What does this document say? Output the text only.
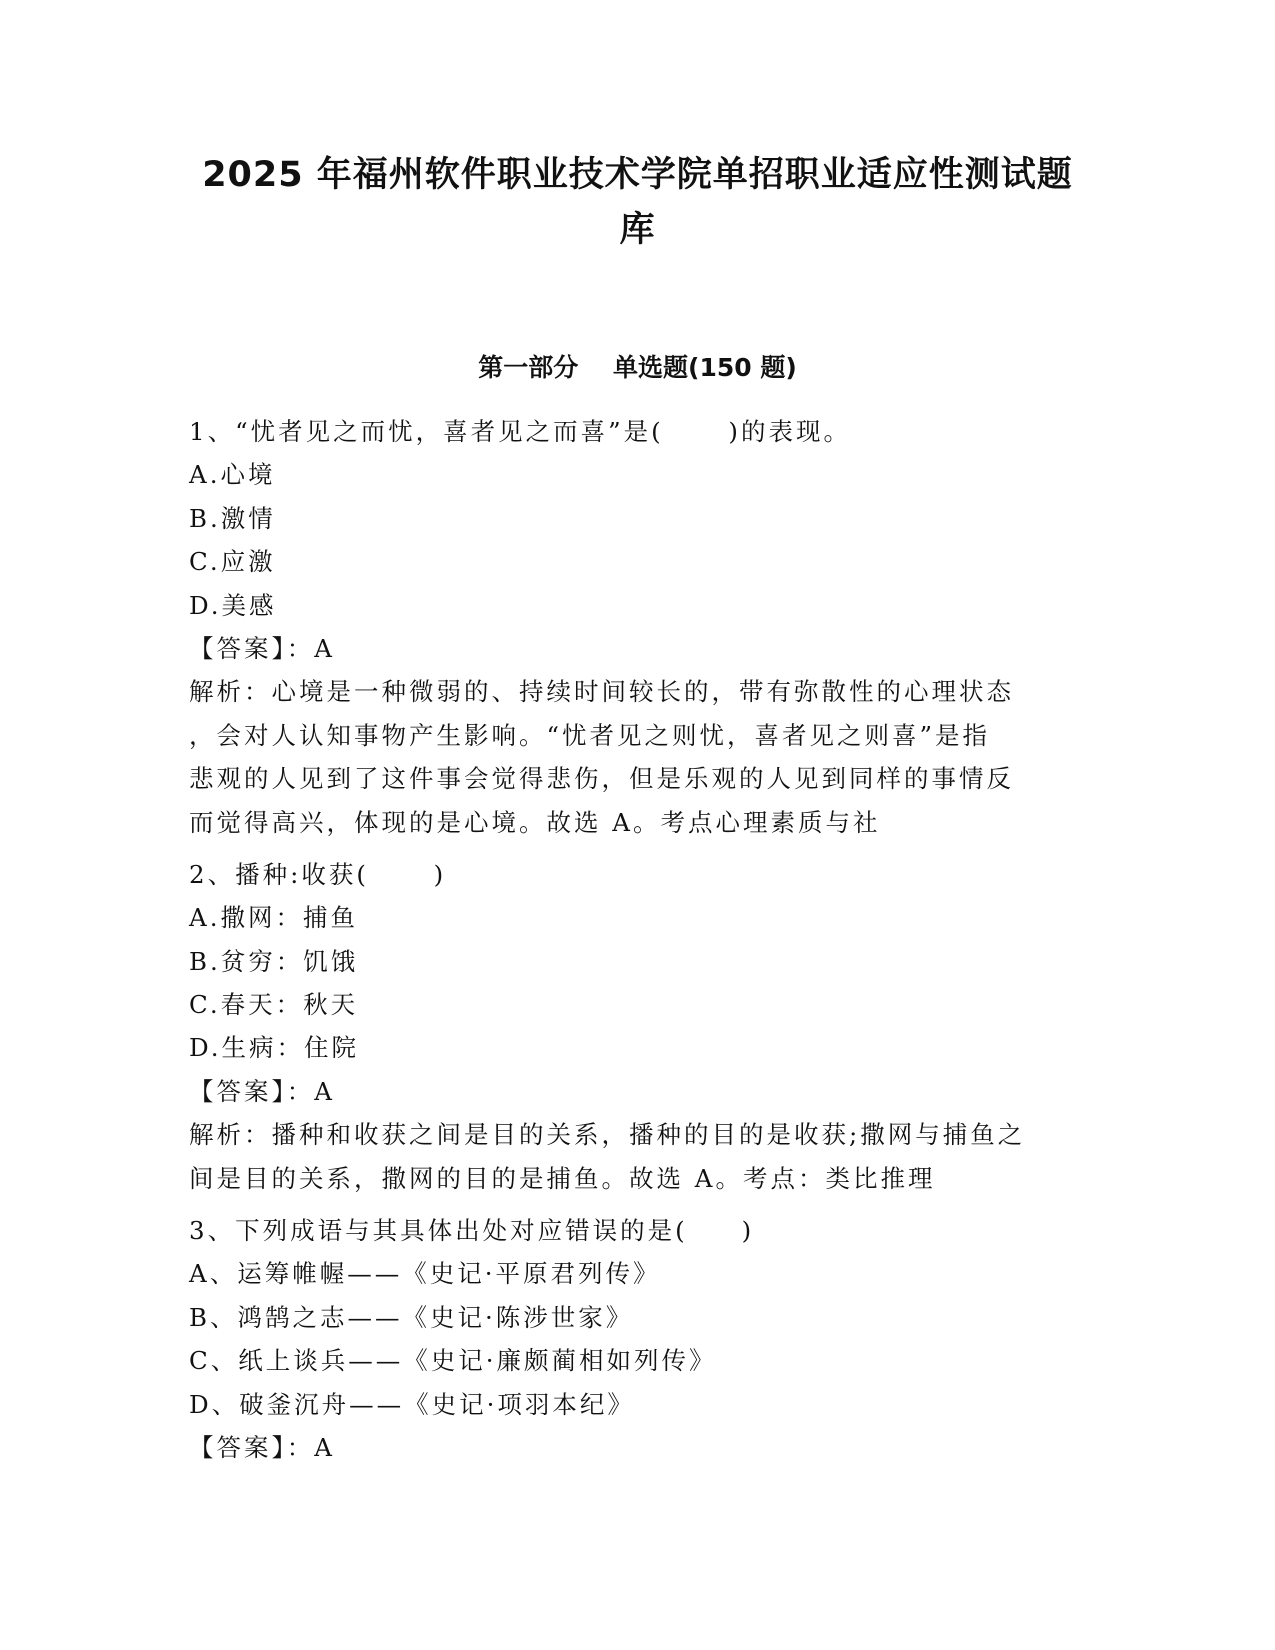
2025 年福州软件职业技术学院单招职业适应性测试题
库
第一部分    单选题(150 题)
1、“忧者见之而忧，喜者见之而喜”是(      )的表现。
A.心境
B.激情
C.应激
D.美感
【答案】：A
解析：心境是一种微弱的、持续时间较长的，带有弥散性的心理状态
，会对人认知事物产生影响。“忧者见之则忧，喜者见之则喜”是指
悲观的人见到了这件事会觉得悲伤，但是乐观的人见到同样的事情反
而觉得高兴，体现的是心境。故选 A。考点心理素质与社
2、播种:收获(      )
A.撒网：捕鱼
B.贫穷：饥饿
C.春天：秋天
D.生病：住院
【答案】：A
解析：播种和收获之间是目的关系，播种的目的是收获;撒网与捕鱼之
间是目的关系，撒网的目的是捕鱼。故选 A。考点：类比推理
3、下列成语与其具体出处对应错误的是(     )
A、运筹帷幄——《史记·平原君列传》
B、鸿鹄之志——《史记·陈涉世家》
C、纸上谈兵——《史记·廉颇蔺相如列传》
D、破釜沉舟——《史记·项羽本纪》
【答案】：A
